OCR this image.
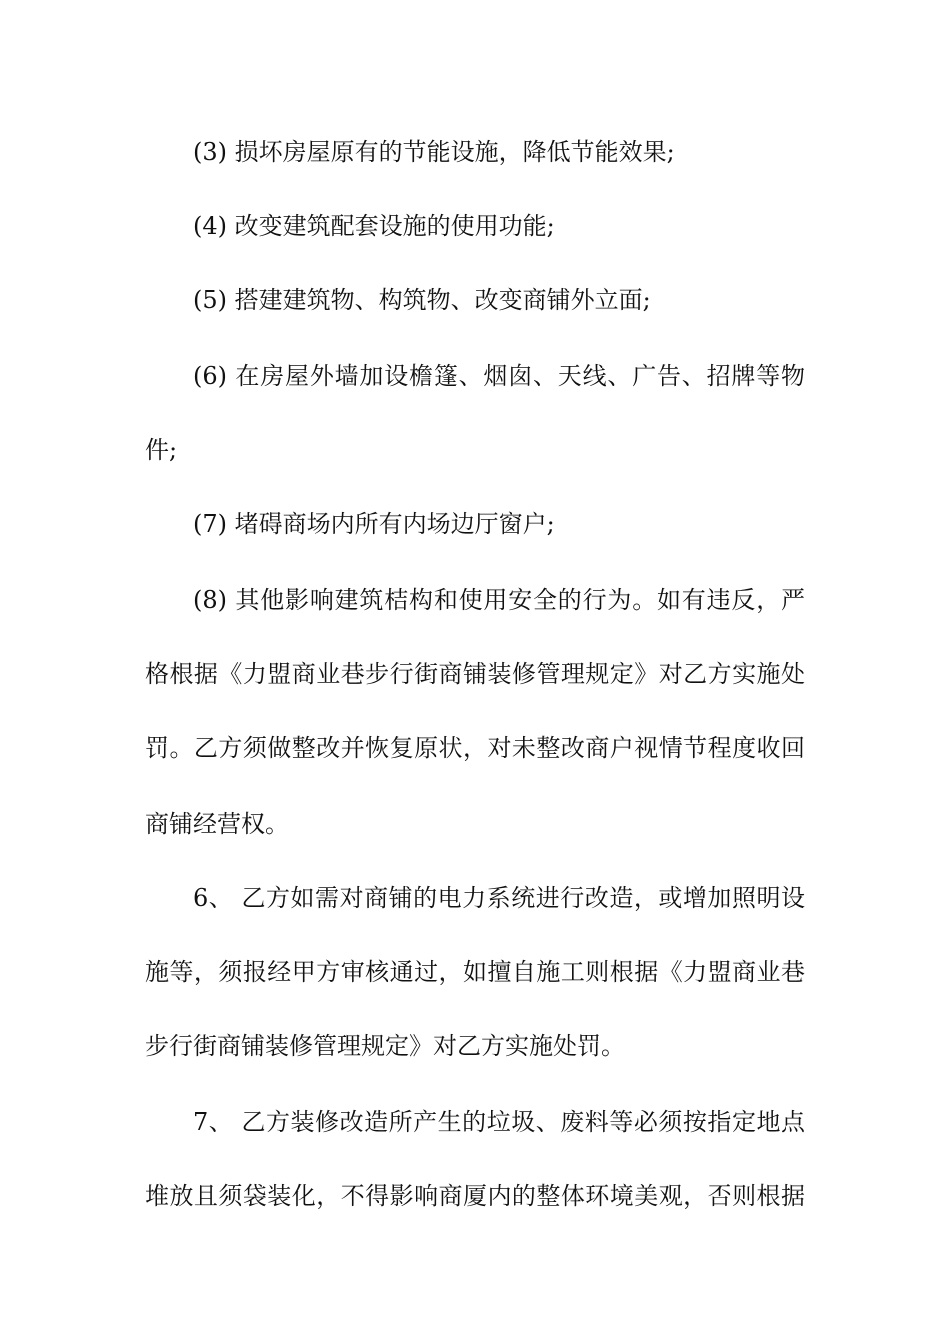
(3) 损坏房屋原有的节能设施，降低节能效果;
(4) 改变建筑配套设施的使用功能;
(5) 搭建建筑物、构筑物、改变商铺外立面;
(6) 在房屋外墙加设檐篷、烟囱、天线、广告、招牌等物
件;
(7) 堵碍商场内所有内场边厅窗户;
(8) 其他影响建筑桔构和使用安全的行为。如有违反，严
格根据《力盟商业巷步行街商铺装修管理规定》对乙方实施处
罚。乙方须做整改并恢复原状，对未整改商户视情节程度收回
商铺经营权。
6、 乙方如需对商铺的电力系统进行改造，或增加照明设
施等，须报经甲方审核通过，如擅自施工则根据《力盟商业巷
步行街商铺装修管理规定》对乙方实施处罚。
7、 乙方装修改造所产生的垃圾、废料等必须按指定地点
堆放且须袋装化，不得影响商厦内的整体环境美观，否则根据
